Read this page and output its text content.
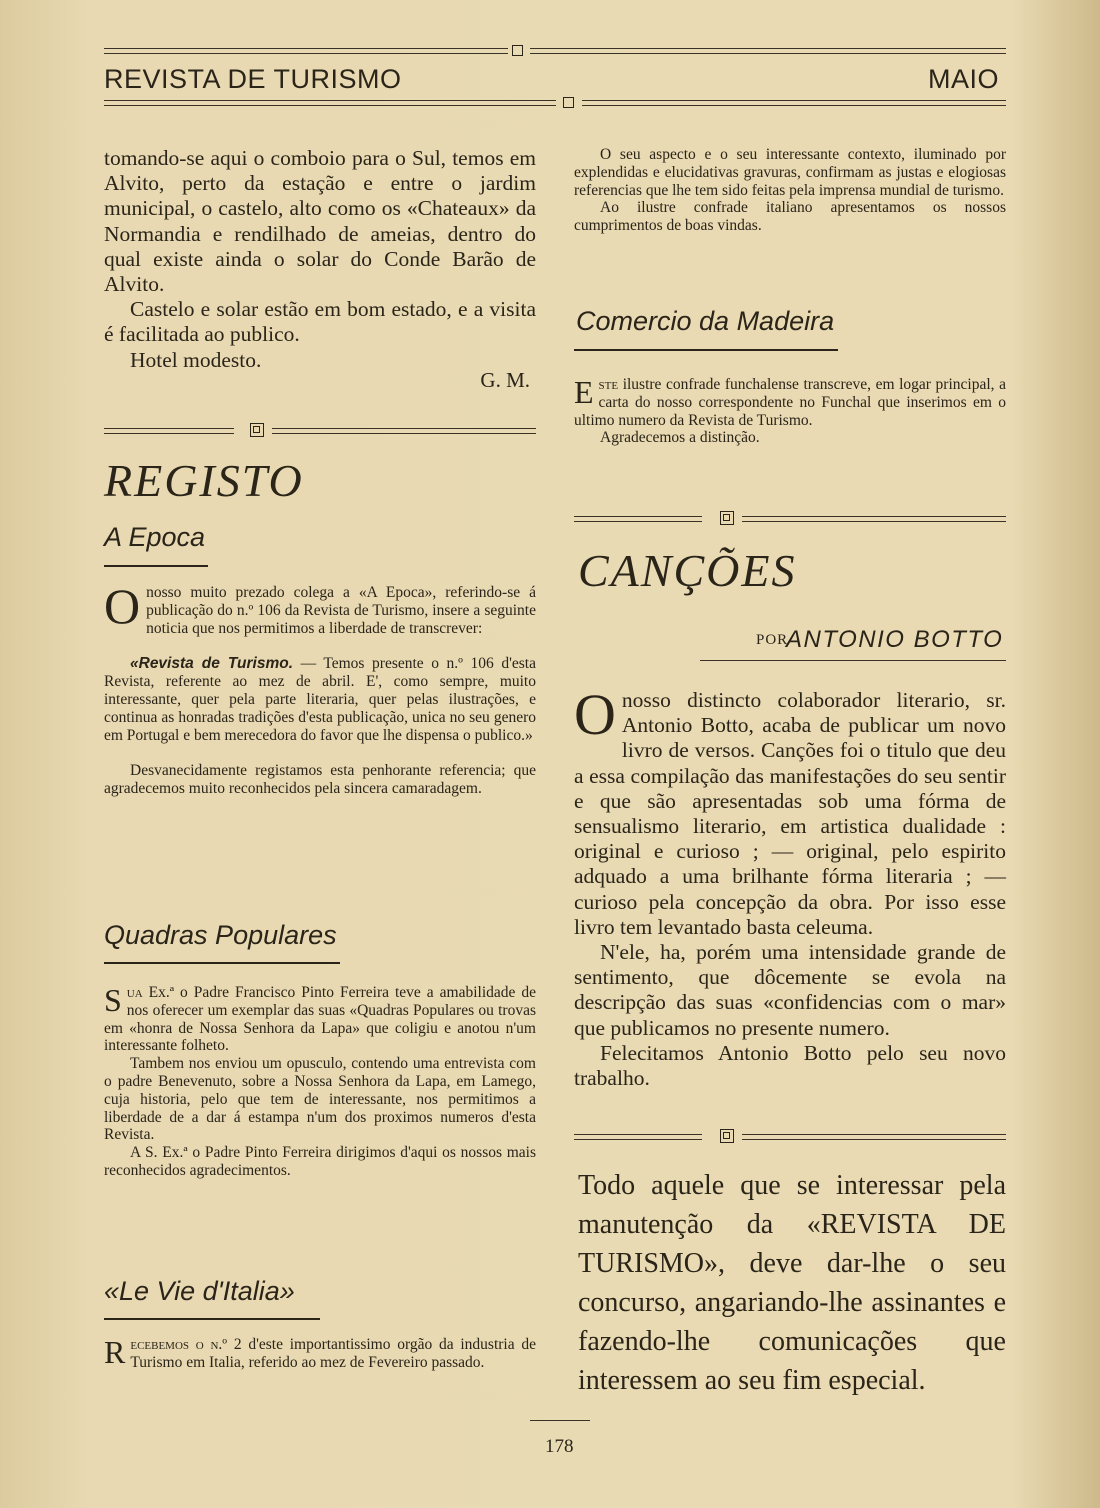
REVISTA DE TURISMO	MAIO

tomando-se aqui o comboio para o Sul, temos em Alvito, perto da estação e entre o jardim municipal, o castelo, alto como os «Chateaux» da Normandia e rendilhado de ameias, dentro do qual existe ainda o solar do Conde Barão de Alvito.

Castelo e solar estão em bom estado, e a visita é facilitada ao publico.

Hotel modesto.

G. M.
REGISTO
A Epoca

Onosso muito prezado colega a «A Epoca», referindo-se á publicação do n.º 106 da Revista de Turismo, insere a seguinte noticia que nos permitimos a liberdade de transcrever:

«Revista de Turismo. — Temos presente o n.º 106 d'esta Revista, referente ao mez de abril. E', como sempre, muito interessante, quer pela parte literaria, quer pelas ilustrações, e continua as honradas tradições d'esta publicação, unica no seu genero em Portugal e bem merecedora do favor que lhe dispensa o publico.»

Desvanecidamente registamos esta penhorante referencia; que agradecemos muito reconhecidos pela sincera camaradagem.

Quadras Populares

Sua Ex.ª o Padre Francisco Pinto Ferreira teve a amabilidade de nos oferecer um exemplar das suas «Quadras Populares ou trovas em «honra de Nossa Senhora da Lapa» que coligiu e anotou n'um interessante folheto.

Tambem nos enviou um opusculo, contendo uma entrevista com o padre Benevenuto, sobre a Nossa Senhora da Lapa, em Lamego, cuja historia, pelo que tem de interessante, nos permitimos a liberdade de a dar á estampa n'um dos proximos numeros d'esta Revista.

A S. Ex.ª o Padre Pinto Ferreira dirigimos d'aqui os nossos mais reconhecidos agradecimentos.

«Le Vie d'Italia»

Recebemos o n.º 2 d'este importantissimo orgão da industria de Turismo em Italia, referido ao mez de Fevereiro passado.

O seu aspecto e o seu interessante contexto, iluminado por explendidas e elucidativas gravuras, confirmam as justas e elogiosas referencias que lhe tem sido feitas pela imprensa mundial de turismo.

Ao ilustre confrade italiano apresentamos os nossos cumprimentos de boas vindas.

Comercio da Madeira

Este ilustre confrade funchalense transcreve, em logar principal, a carta do nosso correspondente no Funchal que inserimos em o ultimo numero da Revista de Turismo.

Agradecemos a distinção.

CANÇÕES
POR
ANTONIO BOTTO

Onosso distincto colaborador literario, sr. Antonio Botto, acaba de publicar um novo livro de versos. Canções foi o titulo que deu a essa compilação das manifestações do seu sentir e que são apresentadas sob uma fórma de sensualismo literario, em artistica dualidade : original e curioso ; — original, pelo espirito adquado a uma brilhante fórma literaria ; — curioso pela concepção da obra. Por isso esse livro tem levantado basta celeuma.

N'ele, ha, porém uma intensidade grande de sentimento, que dôcemente se evola na descripção das suas «confidencias com o mar» que publicamos no presente numero.

Felecitamos Antonio Botto pelo seu novo trabalho.

Todo aquele que se interessar pela manutenção da «REVISTA DE TURISMO», deve dar-lhe o seu concurso, angariando-lhe assinantes e fazendo-lhe comunicações que interessem ao seu fim especial.
178
